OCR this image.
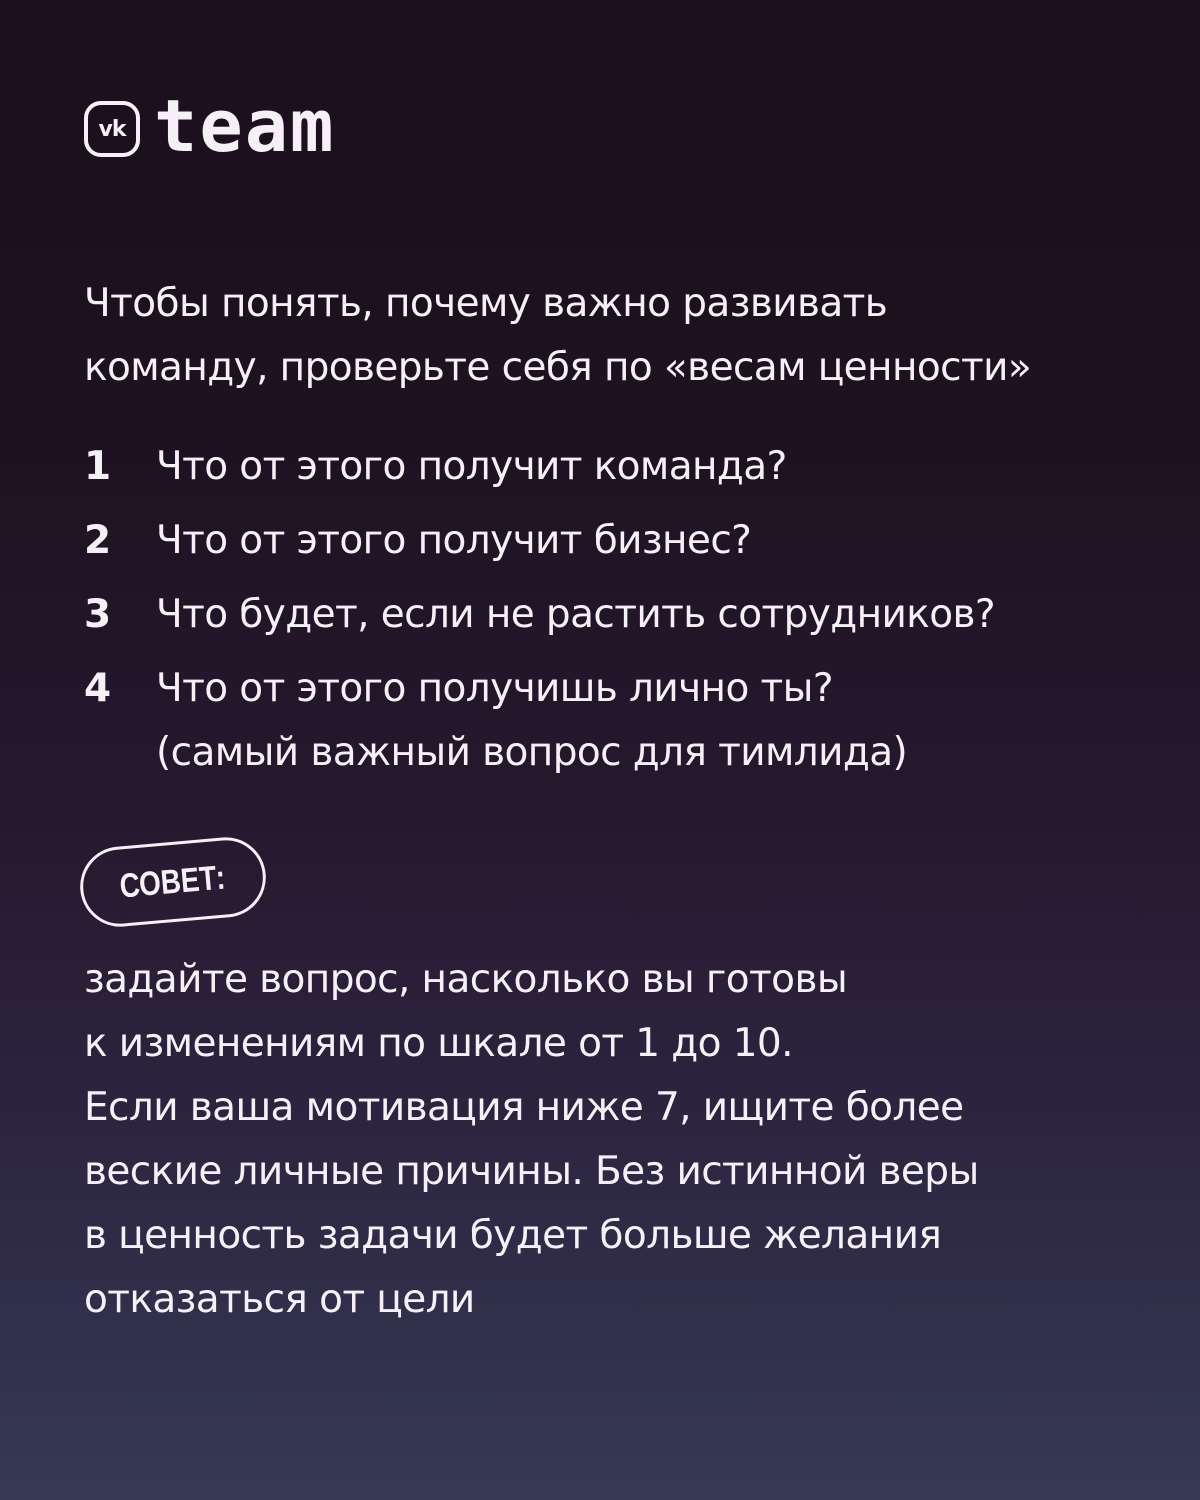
vk team
Чтобы понять, почему важно развивать
команду, проверьте себя по «весам ценности»
1	Что от этого получит команда?
2	Что от этого получит бизнес?
3	Что будет, если не растить сотрудников?
4	Что от этого получишь лично ты?
(самый важный вопрос для тимлида)
СОВЕТ:
задайте вопрос, насколько вы готовы
к изменениям по шкале от 1 до 10.
Если ваша мотивация ниже 7, ищите более
веские личные причины. Без истинной веры
в ценность задачи будет больше желания
отказаться от цели
